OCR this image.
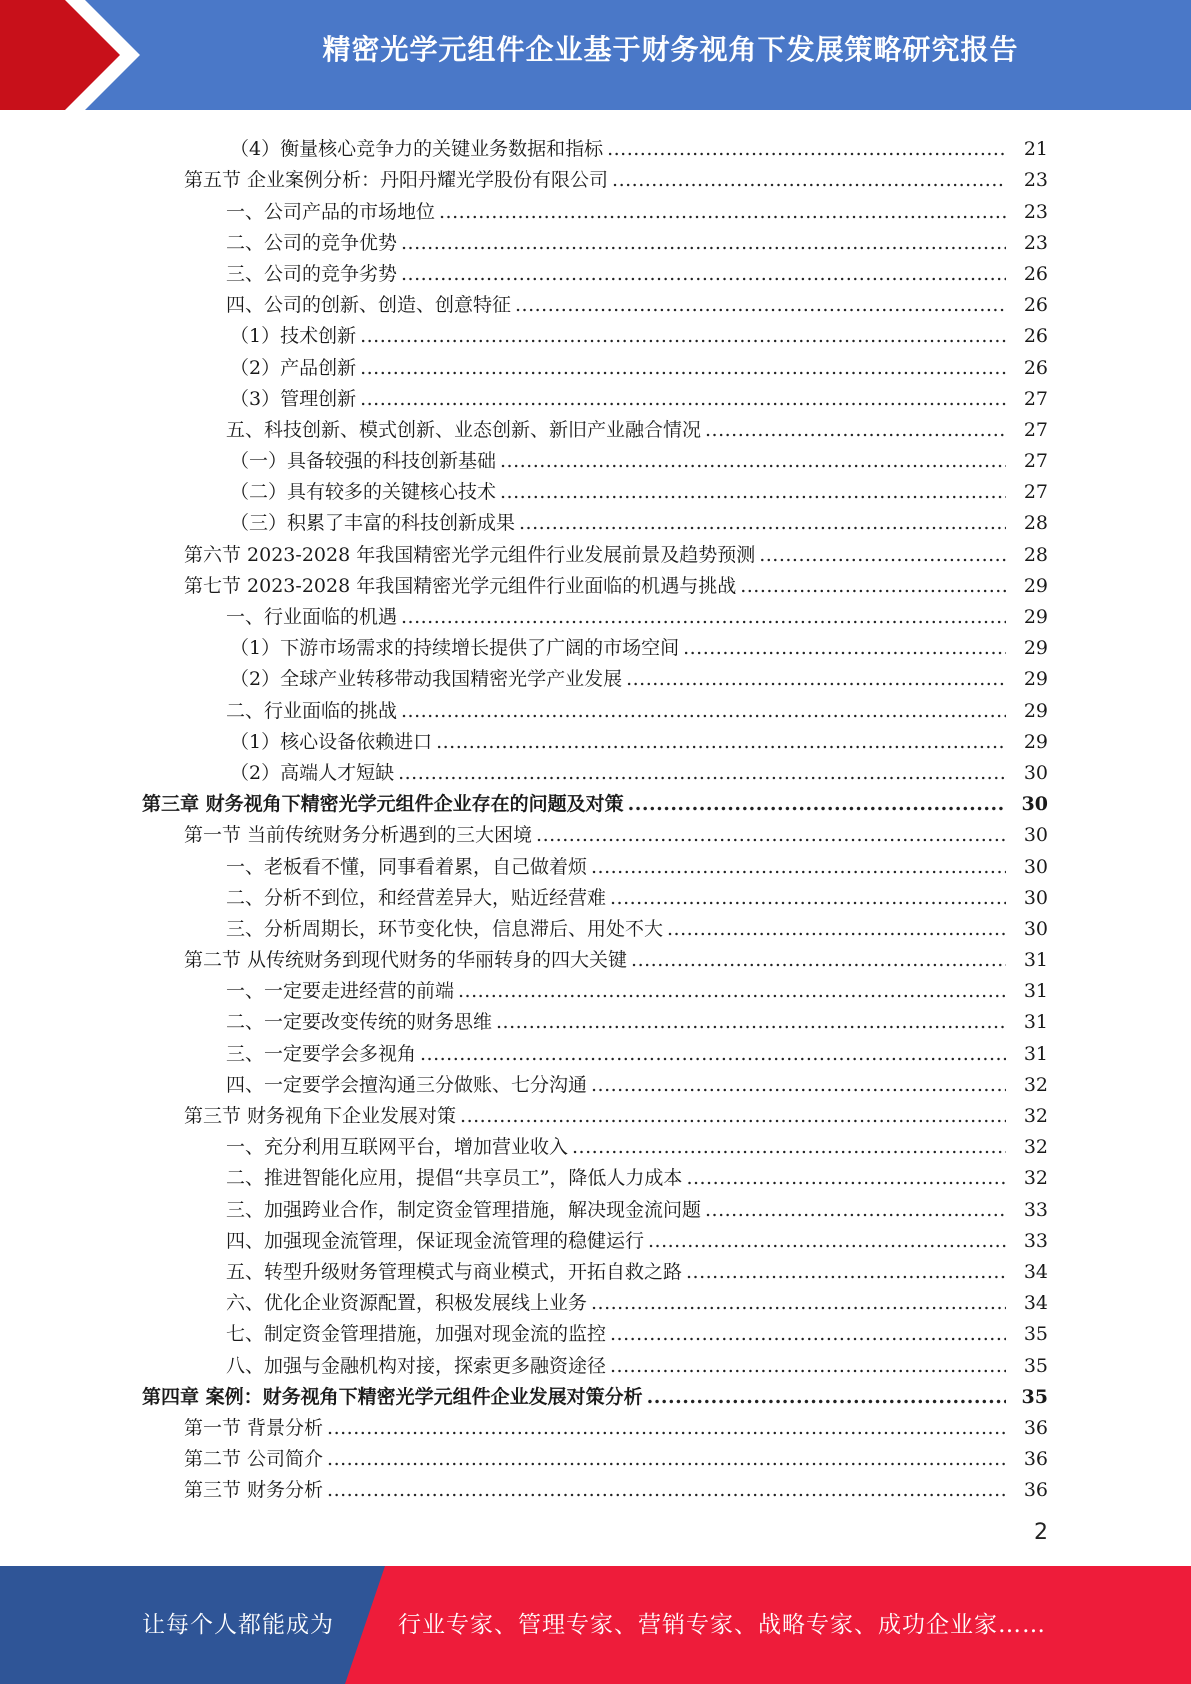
精密光学元组件企业基于财务视角下发展策略研究报告
（4）衡量核心竞争力的关键业务数据和指标 .....	21
第五节 企业案例分析：丹阳丹耀光学股份有限公司 .....	23
一、公司产品的市场地位 .....	23
二、公司的竞争优势 .....	23
三、公司的竞争劣势 .....	26
四、公司的创新、创造、创意特征 .....	26
（1）技术创新 .....	26
（2）产品创新 .....	26
（3）管理创新 .....	27
五、科技创新、模式创新、业态创新、新旧产业融合情况 .....	27
（一）具备较强的科技创新基础 .....	27
（二）具有较多的关键核心技术 .....	27
（三）积累了丰富的科技创新成果 .....	28
第六节 2023-2028 年我国精密光学元组件行业发展前景及趋势预测 .....	28
第七节 2023-2028 年我国精密光学元组件行业面临的机遇与挑战 .....	29
一、行业面临的机遇 .....	29
（1）下游市场需求的持续增长提供了广阔的市场空间 .....	29
（2）全球产业转移带动我国精密光学产业发展 .....	29
二、行业面临的挑战 .....	29
（1）核心设备依赖进口 .....	29
（2）高端人才短缺 .....	30
第三章 财务视角下精密光学元组件企业存在的问题及对策 .....	30
第一节 当前传统财务分析遇到的三大困境 .....	30
一、老板看不懂，同事看着累，自己做着烦 .....	30
二、分析不到位，和经营差异大，贴近经营难 .....	30
三、分析周期长，环节变化快，信息滞后、用处不大 .....	30
第二节 从传统财务到现代财务的华丽转身的四大关键 .....	31
一、一定要走进经营的前端 .....	31
二、一定要改变传统的财务思维 .....	31
三、一定要学会多视角 .....	31
四、一定要学会擅沟通三分做账、七分沟通 .....	32
第三节 财务视角下企业发展对策 .....	32
一、充分利用互联网平台，增加营业收入 .....	32
二、推进智能化应用，提倡“共享员工”，降低人力成本 .....	32
三、加强跨业合作，制定资金管理措施，解决现金流问题 .....	33
四、加强现金流管理，保证现金流管理的稳健运行 .....	33
五、转型升级财务管理模式与商业模式，开拓自救之路 .....	34
六、优化企业资源配置，积极发展线上业务 .....	34
七、制定资金管理措施，加强对现金流的监控 .....	35
八、加强与金融机构对接，探索更多融资途径 .....	35
第四章 案例：财务视角下精密光学元组件企业发展对策分析 .....	35
第一节 背景分析 .....	36
第二节 公司简介 .....	36
第三节 财务分析 .....	36
2
让每个人都能成为	行业专家、管理专家、营销专家、战略专家、成功企业家……
